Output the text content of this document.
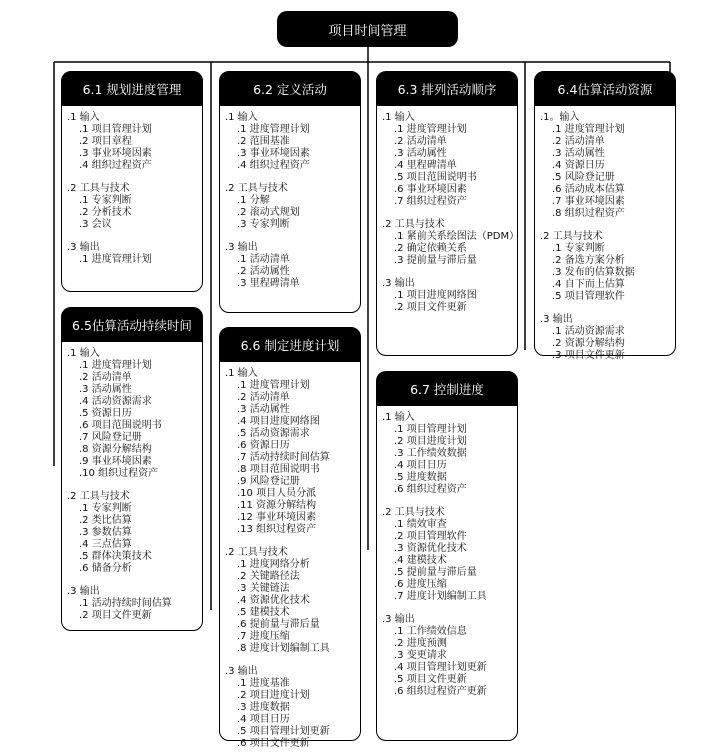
项目时间管理
6.1 规划进度管理
.1 输入
.1 项目管理计划
.2 项目章程
.3 事业环境因素
.4 组织过程资产
.2 工具与技术
.1 专家判断
.2 分析技术
.3 会议
.3 输出
.1 进度管理计划
6.2 定义活动
.1 输入
.1 进度管理计划
.2 范围基准
.3 事业环境因素
.4 组织过程资产
.2 工具与技术
.1 分解
.2 滚动式规划
.3 专家判断
.3 输出
.1 活动清单
.2 活动属性
.3 里程碑清单
6.3 排列活动顺序
.1 输入
.1 进度管理计划
.2 活动清单
.3 活动属性
.4 里程碑清单
.5 项目范围说明书
.6 事业环境因素
.7 组织过程资产
.2 工具与技术
.1 紧前关系绘图法（PDM）
.2 确定依赖关系
.3 提前量与滞后量
.3 输出
.1 项目进度网络图
.2 项目文件更新
6.4估算活动资源
.1。输入
.1 进度管理计划
.2 活动清单
.3 活动属性
.4 资源日历
.5 风险登记册
.6 活动成本估算
.7 事业环境因素
.8 组织过程资产
.2 工具与技术
.1 专家判断
.2 备选方案分析
.3 发布的估算数据
.4 自下而上估算
.5 项目管理软件
.3 输出
.1 活动资源需求
.2 资源分解结构
.3 项目文件更新
6.5估算活动持续时间
.1 输入
.1 进度管理计划
.2 活动清单
.3 活动属性
.4 活动资源需求
.5 资源日历
.6 项目范围说明书
.7 风险登记册
.8 资源分解结构
.9 事业环境因素
.10 组织过程资产
.2 工具与技术
.1 专家判断
.2 类比估算
.3 参数估算
.4 三点估算
.5 群体决策技术
.6 储备分析
.3 输出
.1 活动持续时间估算
.2 项目文件更新
6.6 制定进度计划
.1 输入
.1 进度管理计划
.2 活动清单
.3 活动属性
.4 项目进度网络图
.5 活动资源需求
.6 资源日历
.7 活动持续时间估算
.8 项目范围说明书
.9 风险登记册
.10 项目人员分派
.11 资源分解结构
.12 事业环境因素
.13 组织过程资产
.2 工具与技术
.1 进度网络分析
.2 关键路径法
.3 关键链法
.4 资源优化技术
.5 建模技术
.6 提前量与滞后量
.7 进度压缩
.8 进度计划编制工具
.3 输出
.1 进度基准
.2 项目进度计划
.3 进度数据
.4 项目日历
.5 项目管理计划更新
.6 项目文件更新
6.7 控制进度
.1 输入
.1 项目管理计划
.2 项目进度计划
.3 工作绩效数据
.4 项目日历
.5 进度数据
.6 组织过程资产
.2 工具与技术
.1 绩效审查
.2 项目管理软件
.3 资源优化技术
.4 建模技术
.5 提前量与滞后量
.6 进度压缩
.7 进度计划编制工具
.3 输出
.1 工作绩效信息
.2 进度预测
.3 变更请求
.4 项目管理计划更新
.5 项目文件更新
.6 组织过程资产更新
